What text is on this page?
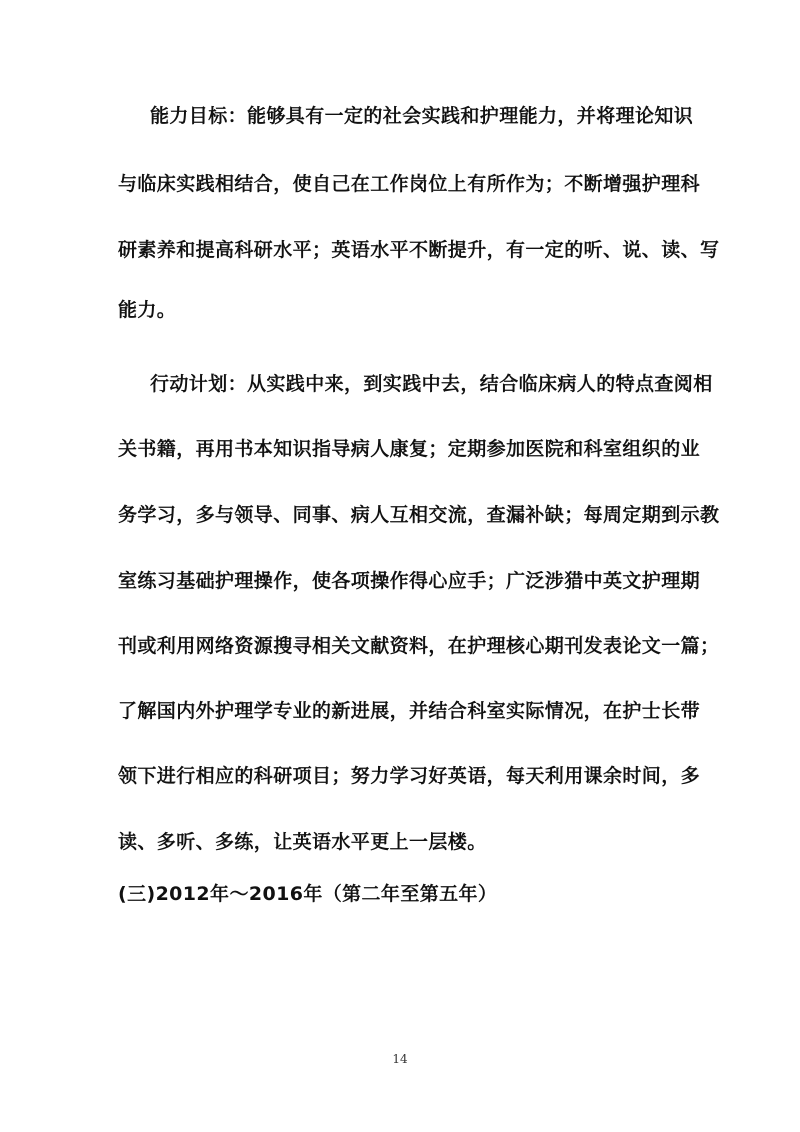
能力目标：能够具有一定的社会实践和护理能力，并将理论知识
与临床实践相结合，使自己在工作岗位上有所作为；不断增强护理科
研素养和提高科研水平；英语水平不断提升，有一定的听、说、读、写
能力。
行动计划：从实践中来，到实践中去，结合临床病人的特点查阅相
关书籍，再用书本知识指导病人康复；定期参加医院和科室组织的业
务学习，多与领导、同事、病人互相交流，查漏补缺；每周定期到示教
室练习基础护理操作，使各项操作得心应手；广泛涉猎中英文护理期
刊或利用网络资源搜寻相关文献资料，在护理核心期刊发表论文一篇；
了解国内外护理学专业的新进展，并结合科室实际情况，在护士长带
领下进行相应的科研项目；努力学习好英语，每天利用课余时间，多
读、多听、多练，让英语水平更上一层楼。
(三)2012年～2016年（第二年至第五年）
14
